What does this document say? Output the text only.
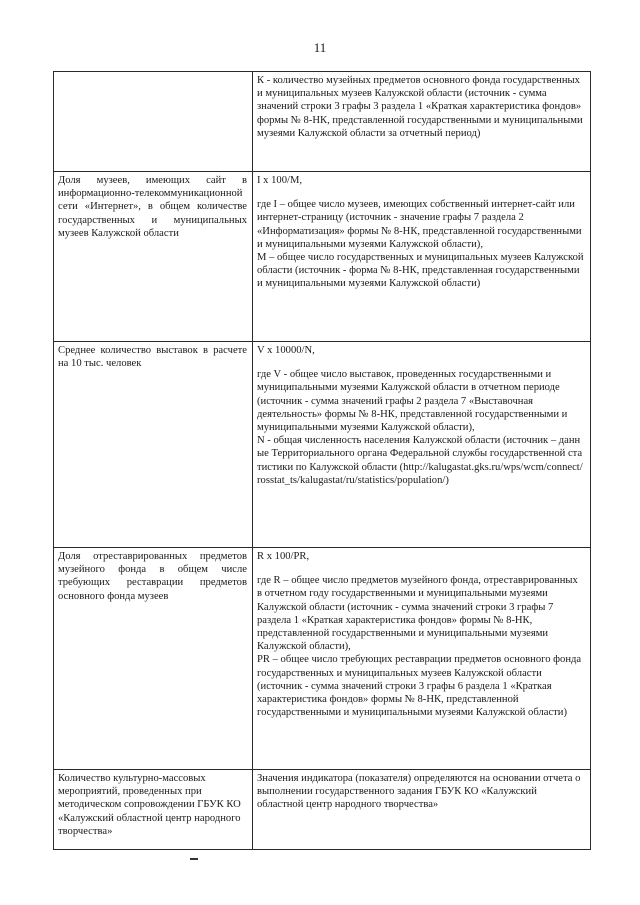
11

	К - количество музейных предметов основного фонда государственных и муниципальных музеев Калужской области (источник - сумма значений строки 3 графы 3 раздела 1 «Краткая характеристика фондов» формы № 8-НК, представленной государственными и муниципальными музеями Калужской области за отчетный период)

Доля музеев, имеющих сайт в информационно-телекоммуникационной сети «Интернет», в общем количестве государственных и муниципальных музеев Калужской области	I x 100/M,
где I – общее число музеев, имеющих собственный интернет-сайт или интернет-страницу (источник - значение графы 7 раздела 2 «Информатизация» формы № 8-НК, представленной государственными и муниципальными музеями Калужской области),
М – общее число государственных и муниципальных музеев Калужской области (источник - форма № 8-НК, представленная государственными и муниципальными музеями Калужской области)

Среднее количество выставок в расчете на 10 тыс. человек	V x 10000/N,
где V - общее число выставок, проведенных государственными и муниципальными музеями Калужской области в отчетном периоде (источник - сумма значений графы 2 раздела 7 «Выставочная деятельность» формы № 8-НК, представленной государственными и муниципальными музеями Калужской области),
N - общая численность населения Калужской области (источник – данные Территориального органа Федеральной службы государственной статистики по Калужской области (http://kalugastat.gks.ru/wps/wcm/connect/rosstat_ts/kalugastat/ru/statistics/population/)

Доля отреставрированных предметов музейного фонда в общем числе требующих реставрации предметов основного фонда музеев	R x 100/PR,
где R – общее число предметов музейного фонда, отреставрированных в отчетном году государственными и муниципальными музеями Калужской области (источник - сумма значений строки 3 графы 7 раздела 1 «Краткая характеристика фондов» формы № 8-НК, представленной государственными и муниципальными музеями Калужской области),
PR – общее число требующих реставрации предметов основного фонда государственных и муниципальных музеев Калужской области (источник - сумма значений строки 3 графы 6 раздела 1 «Краткая характеристика фондов» формы № 8-НК, представленной государственными и муниципальными музеями Калужской области)

Количество культурно-массовых мероприятий, проведенных при методическом сопровождении ГБУК КО «Калужский областной центр народного творчества»	Значения индикатора (показателя) определяются на основании отчета о выполнении государственного задания ГБУК КО «Калужский областной центр народного творчества»
